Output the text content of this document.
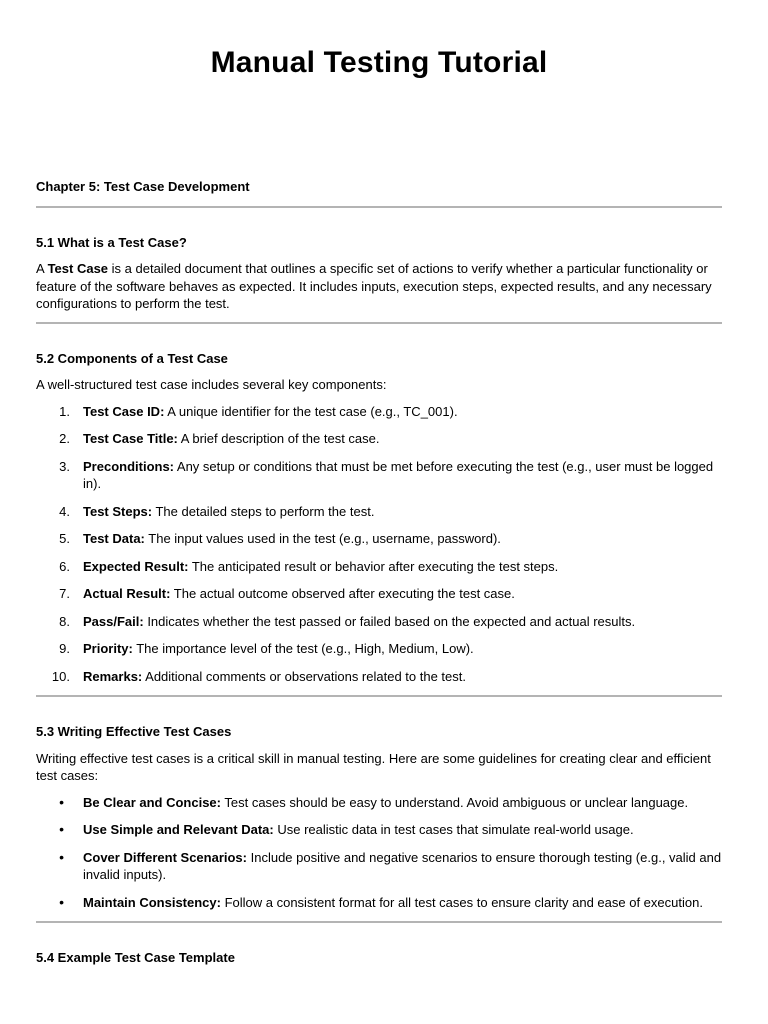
Manual Testing Tutorial
Chapter 5: Test Case Development
5.1 What is a Test Case?

A Test Case is a detailed document that outlines a specific set of actions to verify whether a particular functionality or feature of the software behaves as expected. It includes inputs, execution steps, expected results, and any necessary configurations to perform the test.

5.2 Components of a Test Case

A well-structured test case includes several key components:

1. Test Case ID: A unique identifier for the test case (e.g., TC_001).
2. Test Case Title: A brief description of the test case.
3. Preconditions: Any setup or conditions that must be met before executing the test (e.g., user must be logged in).
4. Test Steps: The detailed steps to perform the test.
5. Test Data: The input values used in the test (e.g., username, password).
6. Expected Result: The anticipated result or behavior after executing the test steps.
7. Actual Result: The actual outcome observed after executing the test case.
8. Pass/Fail: Indicates whether the test passed or failed based on the expected and actual results.
9. Priority: The importance level of the test (e.g., High, Medium, Low).
10. Remarks: Additional comments or observations related to the test.
5.3 Writing Effective Test Cases

Writing effective test cases is a critical skill in manual testing. Here are some guidelines for creating clear and efficient test cases:

• Be Clear and Concise: Test cases should be easy to understand. Avoid ambiguous or unclear language.
• Use Simple and Relevant Data: Use realistic data in test cases that simulate real-world usage.
• Cover Different Scenarios: Include positive and negative scenarios to ensure thorough testing (e.g., valid and invalid inputs).
• Maintain Consistency: Follow a consistent format for all test cases to ensure clarity and ease of execution.
5.4 Example Test Case Template
